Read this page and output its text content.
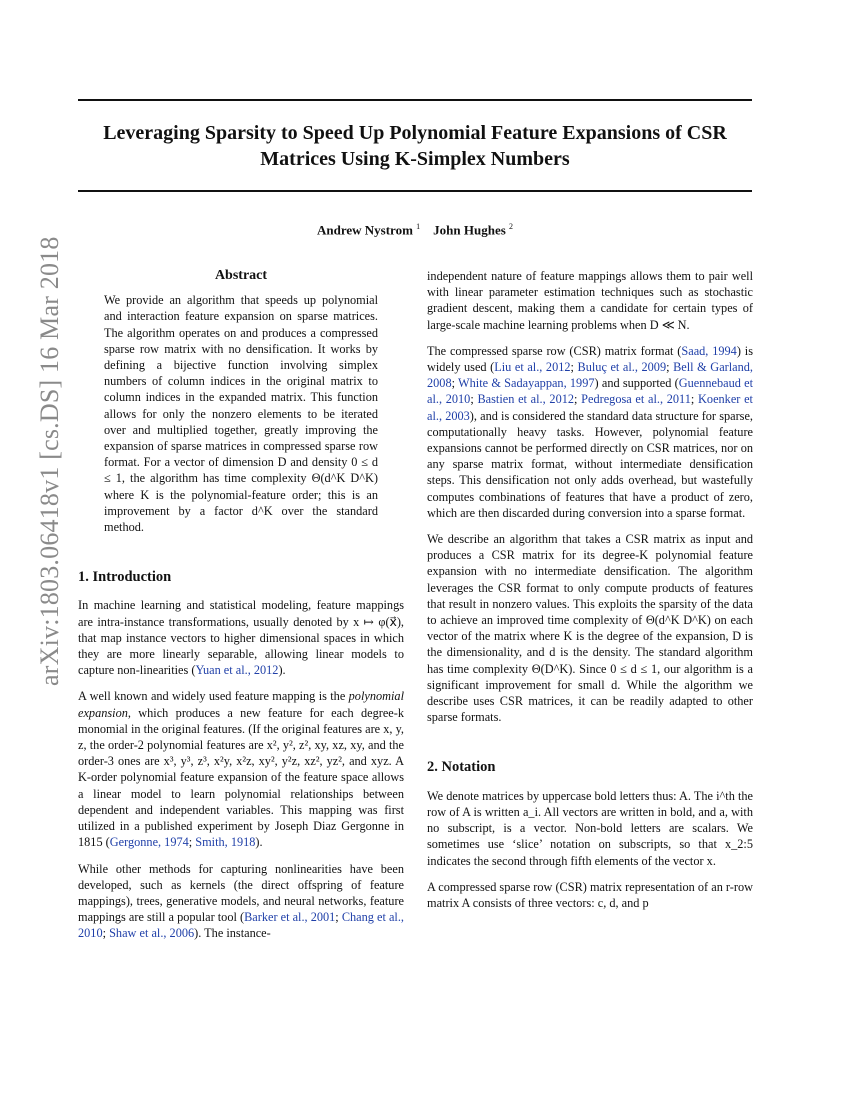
Leveraging Sparsity to Speed Up Polynomial Feature Expansions of CSR
Matrices Using K-Simplex Numbers
Andrew Nystrom $^1$ John Hughes $^2$
arXiv:1803.06418v1 [cs.DS] 16 Mar 2018	Abstract
We provide an algorithm that speeds up polynomial and interaction feature expansion on sparse matrices. The algorithm operates on and produces a compressed sparse row matrix with no densification. It works by defining a bijective function involving simplex numbers of column indices in the original matrix to column indices in the expanded matrix. This function allows for only the nonzero elements to be iterated over and multiplied together, greatly improving the expansion of sparse matrices in compressed sparse row format. For a vector of dimension D and density 0 ≤ d ≤ 1, the algorithm has time complexity Θ(d^K D^K) where K is the polynomial-feature order; this is an improvement by a factor d^K over the standard method.
1. Introduction

In machine learning and statistical modeling, feature mappings are intra-instance transformations, usually denoted by x ↦ φ(x⃗), that map instance vectors to higher dimensional spaces in which they are more linearly separable, allowing linear models to capture non-linearities (Yuan et al., 2012).

A well known and widely used feature mapping is the polynomial expansion, which produces a new feature for each degree-k monomial in the original features. (If the original features are x, y, z, the order-2 polynomial features are x², y², z², xy, xz, xy, and the order-3 ones are x³, y³, z³, x²y, x²z, xy², y²z, xz², yz², and xyz. A K-order polynomial feature expansion of the feature space allows a linear model to learn polynomial relationships between dependent and independent variables. This mapping was first utilized in a published experiment by Joseph Diaz Gergonne in 1815 (Gergonne, 1974; Smith, 1918).

While other methods for capturing nonlinearities have been developed, such as kernels (the direct offspring of feature mappings), trees, generative models, and neural networks, feature mappings are still a popular tool (Barker et al., 2001; Chang et al., 2010; Shaw et al., 2006). The instance-

independent nature of feature mappings allows them to pair well with linear parameter estimation techniques such as stochastic gradient descent, making them a candidate for certain types of large-scale machine learning problems when D ≪ N.

The compressed sparse row (CSR) matrix format (Saad, 1994) is widely used (Liu et al., 2012; Buluç et al., 2009; Bell & Garland, 2008; White & Sadayappan, 1997) and supported (Guennebaud et al., 2010; Bastien et al., 2012; Pedregosa et al., 2011; Koenker et al., 2003), and is considered the standard data structure for sparse, computationally heavy tasks. However, polynomial feature expansions cannot be performed directly on CSR matrices, nor on any sparse matrix format, without intermediate densification steps. This densification not only adds overhead, but wastefully computes combinations of features that have a product of zero, which are then discarded during conversion into a sparse format.

We describe an algorithm that takes a CSR matrix as input and produces a CSR matrix for its degree-K polynomial feature expansion with no intermediate densification. The algorithm leverages the CSR format to only compute products of features that result in nonzero values. This exploits the sparsity of the data to achieve an improved time complexity of Θ(d^K D^K) on each vector of the matrix where K is the degree of the expansion, D is the dimensionality, and d is the density. The standard algorithm has time complexity Θ(D^K). Since 0 ≤ d ≤ 1, our algorithm is a significant improvement for small d. While the algorithm we describe uses CSR matrices, it can be readily adapted to other sparse formats.

2. Notation

We denote matrices by uppercase bold letters thus: A. The i^th the row of A is written a_i. All vectors are written in bold, and a, with no subscript, is a vector. Non-bold letters are scalars. We sometimes use ‘slice’ notation on subscripts, so that x_2:5 indicates the second through fifth elements of the vector x.

A compressed sparse row (CSR) matrix representation of an r-row matrix A consists of three vectors: c, d, and p
